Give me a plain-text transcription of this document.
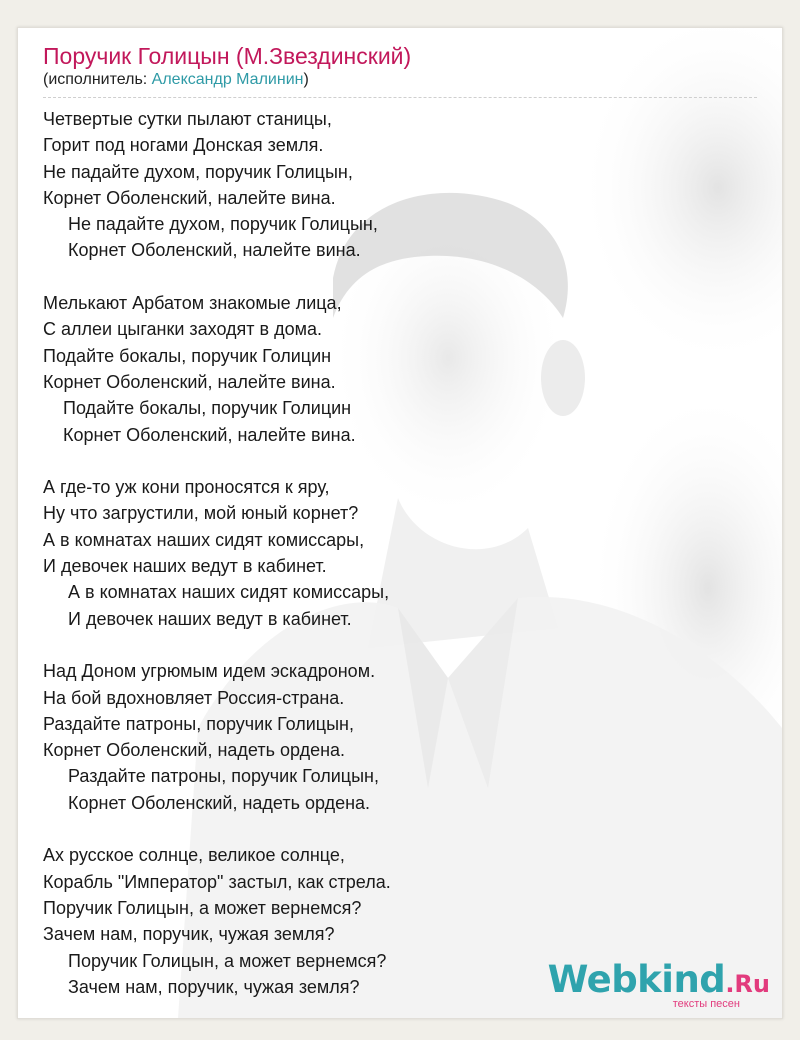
Поручик Голицын (М.Звездинский)
(исполнитель: Александр Малинин)
Четвертые сутки пылают станицы,
Горит под ногами Донская земля.
Не падайте духом, поручик Голицын,
Корнет Оболенский, налейте вина.
Не падайте духом, поручик Голицын,
Корнет Оболенский, налейте вина.

Мелькают Арбатом знакомые лица,
С аллеи цыганки заходят в дома.
Подайте бокалы, поручик Голицин
Корнет Оболенский, налейте вина.
Подайте бокалы, поручик Голицин
Корнет Оболенский, налейте вина.

А где-то уж кони проносятся к яру,
Ну что загрустили, мой юный корнет?
А в комнатах наших сидят комиссары,
И девочек наших ведут в кабинет.
А в комнатах наших сидят комиссары,
И девочек наших ведут в кабинет.

Над Доном угрюмым идем эскадроном.
На бой вдохновляет Россия-страна.
Раздайте патроны, поручик Голицын,
Корнет Оболенский, надеть ордена.
Раздайте патроны, поручик Голицын,
Корнет Оболенский, надеть ордена.

Ах русское солнце, великое солнце,
Корабль "Император" застыл, как стрела.
Поручик Голицын, а может вернемся?
Зачем нам, поручик, чужая земля?
Поручик Голицын, а может вернемся?
Зачем нам, поручик, чужая земля?	Webkind.Ru
тексты песен
